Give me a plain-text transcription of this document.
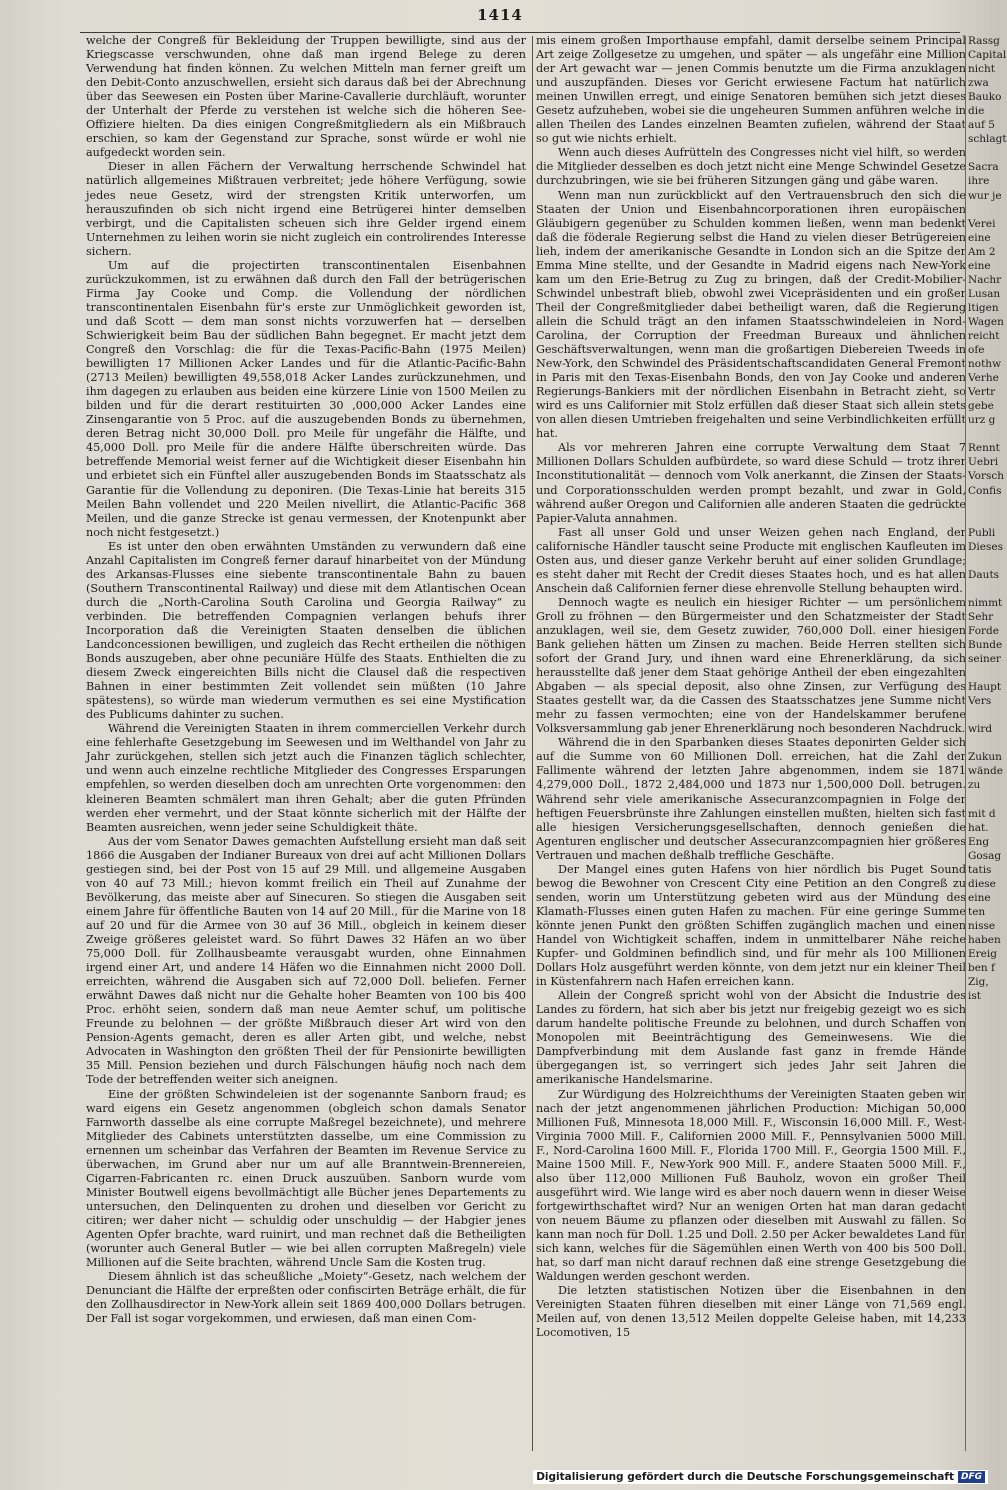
1414

welche der Congreß für Bekleidung der Truppen bewilligte, sind aus der Kriegscasse verschwunden, ohne daß man irgend Belege zu deren Verwendung hat finden können. Zu welchen Mitteln man ferner greift um den Debit-Conto anzuschwellen, ersieht sich daraus daß bei der Abrechnung über das Seewesen ein Posten über Marine-Cavallerie durchläuft, worunter der Unterhalt der Pferde zu verstehen ist welche sich die höheren See-Offiziere hielten. Da dies einigen Congreßmitgliedern als ein Mißbrauch erschien, so kam der Gegenstand zur Sprache, sonst würde er wohl nie aufgedeckt worden sein.

Dieser in allen Fächern der Verwaltung herrschende Schwindel hat natürlich allgemeines Mißtrauen verbreitet; jede höhere Verfügung, sowie jedes neue Gesetz, wird der strengsten Kritik unterworfen, um herauszufinden ob sich nicht irgend eine Betrügerei hinter demselben verbirgt, und die Capitalisten scheuen sich ihre Gelder irgend einem Unternehmen zu leihen worin sie nicht zugleich ein controlirendes Interesse sichern.

Um auf die projectirten transcontinentalen Eisenbahnen zurückzukommen, ist zu erwähnen daß durch den Fall der betrügerischen Firma Jay Cooke und Comp. die Vollendung der nördlichen transcontinentalen Eisenbahn für's erste zur Unmöglichkeit geworden ist, und daß Scott — dem man sonst nichts vorzuwerfen hat — derselben Schwierigkeit beim Bau der südlichen Bahn begegnet. Er macht jetzt dem Congreß den Vorschlag: die für die Texas-Pacific-Bahn (1975 Meilen) bewilligten 17 Millionen Acker Landes und für die Atlantic-Pacific-Bahn (2713 Meilen) bewilligten 49,558,018 Acker Landes zurückzunehmen, und ihm dagegen zu erlauben aus beiden eine kürzere Linie von 1500 Meilen zu bilden und für die derart restituirten 30 ,000,000 Acker Landes eine Zinsengarantie von 5 Proc. auf die auszugebenden Bonds zu übernehmen, deren Betrag nicht 30,000 Doll. pro Meile für ungefähr die Hälfte, und 45,000 Doll. pro Meile für die andere Hälfte überschreiten würde. Das betreffende Memorial weist ferner auf die Wichtigkeit dieser Eisenbahn hin und erbietet sich ein Fünftel aller auszugebenden Bonds im Staatsschatz als Garantie für die Vollendung zu deponiren. (Die Texas-Linie hat bereits 315 Meilen Bahn vollendet und 220 Meilen nivellirt, die Atlantic-Pacific 368 Meilen, und die ganze Strecke ist genau vermessen, der Knotenpunkt aber noch nicht festgesetzt.)

Es ist unter den oben erwähnten Umständen zu verwundern daß eine Anzahl Capitalisten im Congreß ferner darauf hinarbeitet von der Mündung des Arkansas-Flusses eine siebente transcontinentale Bahn zu bauen (Southern Transcontinental Railway) und diese mit dem Atlantischen Ocean durch die „North-Carolina South Carolina und Georgia Railway“ zu verbinden. Die betreffenden Compagnien verlangen behufs ihrer Incorporation daß die Vereinigten Staaten denselben die üblichen Landconcessionen bewilligen, und zugleich das Recht ertheilen die nöthigen Bonds auszugeben, aber ohne pecuniäre Hülfe des Staats. Enthielten die zu diesem Zweck eingereichten Bills nicht die Clausel daß die respectiven Bahnen in einer bestimmten Zeit vollendet sein müßten (10 Jahre spätestens), so würde man wiederum vermuthen es sei eine Mystification des Publicums dahinter zu suchen.

Während die Vereinigten Staaten in ihrem commerciellen Verkehr durch eine fehlerhafte Gesetzgebung im Seewesen und im Welthandel von Jahr zu Jahr zurückgehen, stellen sich jetzt auch die Finanzen täglich schlechter, und wenn auch einzelne rechtliche Mitglieder des Congresses Ersparungen empfehlen, so werden dieselben doch am unrechten Orte vorgenommen: den kleineren Beamten schmälert man ihren Gehalt; aber die guten Pfründen werden eher vermehrt, und der Staat könnte sicherlich mit der Hälfte der Beamten ausreichen, wenn jeder seine Schuldigkeit thäte.

Aus der vom Senator Dawes gemachten Aufstellung ersieht man daß seit 1866 die Ausgaben der Indianer Bureaux von drei auf acht Millionen Dollars gestiegen sind, bei der Post von 15 auf 29 Mill. und allgemeine Ausgaben von 40 auf 73 Mill.; hievon kommt freilich ein Theil auf Zunahme der Bevölkerung, das meiste aber auf Sinecuren. So stiegen die Ausgaben seit einem Jahre für öffentliche Bauten von 14 auf 20 Mill., für die Marine von 18 auf 20 und für die Armee von 30 auf 36 Mill., obgleich in keinem dieser Zweige größeres geleistet ward. So führt Dawes 32 Häfen an wo über 75,000 Doll. für Zollhausbeamte verausgabt wurden, ohne Einnahmen irgend einer Art, und andere 14 Häfen wo die Einnahmen nicht 2000 Doll. erreichten, während die Ausgaben sich auf 72,000 Doll. beliefen. Ferner erwähnt Dawes daß nicht nur die Gehalte hoher Beamten von 100 bis 400 Proc. erhöht seien, sondern daß man neue Aemter schuf, um politische Freunde zu belohnen — der größte Mißbrauch dieser Art wird von den Pension-Agents gemacht, deren es aller Arten gibt, und welche, nebst Advocaten in Washington den größten Theil der für Pensionirte bewilligten 35 Mill. Pension beziehen und durch Fälschungen häufig noch nach dem Tode der betreffenden weiter sich aneignen.

Eine der größten Schwindeleien ist der sogenannte Sanborn fraud; es ward eigens ein Gesetz angenommen (obgleich schon damals Senator Farnworth dasselbe als eine corrupte Maßregel bezeichnete), und mehrere Mitglieder des Cabinets unterstützten dasselbe, um eine Commission zu ernennen um scheinbar das Verfahren der Beamten im Revenue Service zu überwachen, im Grund aber nur um auf alle Branntwein-Brennereien, Cigarren-Fabricanten rc. einen Druck auszuüben. Sanborn wurde vom Minister Boutwell eigens bevollmächtigt alle Bücher jenes Departements zu untersuchen, den Delinquenten zu drohen und dieselben vor Gericht zu citiren; wer daher nicht — schuldig oder unschuldig — der Habgier jenes Agenten Opfer brachte, ward ruinirt, und man rechnet daß die Betheiligten (worunter auch General Butler — wie bei allen corrupten Maßregeln) viele Millionen auf die Seite brachten, während Uncle Sam die Kosten trug.

Diesem ähnlich ist das scheußliche „Moiety“-Gesetz, nach welchem der Denunciant die Hälfte der erpreßten oder confiscirten Beträge erhält, die für den Zollhausdirector in New-York allein seit 1869 400,000 Dollars betrugen. Der Fall ist sogar vorgekommen, und erwiesen, daß man einen Com-

mis einem großen Importhause empfahl, damit derselbe seinem Principal Art zeige Zollgesetze zu umgehen, und später — als ungefähr eine Million der Art gewacht war — jenen Commis benutzte um die Firma anzuklagen und auszupfänden. Dieses vor Gericht erwiesene Factum hat natürlich meinen Unwillen erregt, und einige Senatoren bemühen sich jetzt dieses Gesetz aufzuheben, wobei sie die ungeheuren Summen anführen welche in allen Theilen des Landes einzelnen Beamten zufielen, während der Staat so gut wie nichts erhielt.

Wenn auch dieses Aufrütteln des Congresses nicht viel hilft, so werden die Mitglieder desselben es doch jetzt nicht eine Menge Schwindel Gesetze durchzubringen, wie sie bei früheren Sitzungen gäng und gäbe waren.

Wenn man nun zurückblickt auf den Vertrauensbruch den sich die Staaten der Union und Eisenbahncorporationen ihren europäischen Gläubigern gegenüber zu Schulden kommen ließen, wenn man bedenkt daß die föderale Regierung selbst die Hand zu vielen dieser Betrügereien lieh, indem der amerikanische Gesandte in London sich an die Spitze der Emma Mine stellte, und der Gesandte in Madrid eigens nach New-York kam um den Erie-Betrug zu Zug zu bringen, daß der Credit-Mobilier-Schwindel unbestraft blieb, obwohl zwei Vicepräsidenten und ein großer Theil der Congreßmitglieder dabei betheiligt waren, daß die Regierung allein die Schuld trägt an den infamen Staatsschwindeleien in Nord-Carolina, der Corruption der Freedman Bureaux und ähnlichen Geschäftsverwaltungen, wenn man die großartigen Diebereien Tweeds in New-York, den Schwindel des Präsidentschaftscandidaten General Fremont in Paris mit den Texas-Eisenbahn Bonds, den von Jay Cooke und anderen Regierungs-Bankiers mit der nördlichen Eisenbahn in Betracht zieht, so wird es uns Californier mit Stolz erfüllen daß dieser Staat sich allein stets von allen diesen Umtrieben freigehalten und seine Verbindlichkeiten erfüllt hat.

Als vor mehreren Jahren eine corrupte Verwaltung dem Staat 7 Millionen Dollars Schulden aufbürdete, so ward diese Schuld — trotz ihrer Inconstitutionalität — dennoch vom Volk anerkannt, die Zinsen der Staats- und Corporationsschulden werden prompt bezahlt, und zwar in Gold, während außer Oregon und Californien alle anderen Staaten die gedrückte Papier-Valuta annahmen.

Fast all unser Gold und unser Weizen gehen nach England, der californische Händler tauscht seine Producte mit englischen Kaufleuten im Osten aus, und dieser ganze Verkehr beruht auf einer soliden Grundlage; es steht daher mit Recht der Credit dieses Staates hoch, und es hat allen Anschein daß Californien ferner diese ehrenvolle Stellung behaupten wird.

Dennoch wagte es neulich ein hiesiger Richter — um persönlichem Groll zu fröhnen — den Bürgermeister und den Schatzmeister der Stadt anzuklagen, weil sie, dem Gesetz zuwider, 760,000 Doll. einer hiesigen Bank geliehen hätten um Zinsen zu machen. Beide Herren stellten sich sofort der Grand Jury, und ihnen ward eine Ehrenerklärung, da sich herausstellte daß jener dem Staat gehörige Antheil der eben eingezahlten Abgaben — als special deposit, also ohne Zinsen, zur Verfügung des Staates gestellt war, da die Cassen des Staatsschatzes jene Summe nicht mehr zu fassen vermochten; eine von der Handelskammer berufene Volksversammlung gab jener Ehrenerklärung noch besonderen Nachdruck.

Während die in den Sparbanken dieses Staates deponirten Gelder sich auf die Summe von 60 Millionen Doll. erreichen, hat die Zahl der Fallimente während der letzten Jahre abgenommen, indem sie 1871 4,279,000 Doll., 1872 2,484,000 und 1873 nur 1,500,000 Doll. betrugen. Während sehr viele amerikanische Assecuranzcompagnien in Folge der heftigen Feuersbrünste ihre Zahlungen einstellen mußten, hielten sich fast alle hiesigen Versicherungsgesellschaften, dennoch genießen die Agenturen englischer und deutscher Assecuranzcompagnien hier größeres Vertrauen und machen deßhalb treffliche Geschäfte.

Der Mangel eines guten Hafens von hier nördlich bis Puget Sound bewog die Bewohner von Crescent City eine Petition an den Congreß zu senden, worin um Unterstützung gebeten wird aus der Mündung des Klamath-Flusses einen guten Hafen zu machen. Für eine geringe Summe könnte jenen Punkt den größten Schiffen zugänglich machen und einen Handel von Wichtigkeit schaffen, indem in unmittelbarer Nähe reiche Kupfer- und Goldminen befindlich sind, und für mehr als 100 Millionen Dollars Holz ausgeführt werden könnte, von dem jetzt nur ein kleiner Theil in Küstenfahrern nach Hafen erreichen kann.

Allein der Congreß spricht wohl von der Absicht die Industrie des Landes zu fördern, hat sich aber bis jetzt nur freigebig gezeigt wo es sich darum handelte politische Freunde zu belohnen, und durch Schaffen von Monopolen mit Beeinträchtigung des Gemeinwesens. Wie die Dampfverbindung mit dem Auslande fast ganz in fremde Hände übergegangen ist, so verringert sich jedes Jahr seit Jahren die amerikanische Handelsmarine.

Zur Würdigung des Holzreichthums der Vereinigten Staaten geben wir nach der jetzt angenommenen jährlichen Production: Michigan 50,000 Millionen Fuß, Minnesota 18,000 Mill. F., Wisconsin 16,000 Mill. F., West-Virginia 7000 Mill. F., Californien 2000 Mill. F., Pennsylvanien 5000 Mill. F., Nord-Carolina 1600 Mill. F., Florida 1700 Mill. F., Georgia 1500 Mill. F., Maine 1500 Mill. F., New-York 900 Mill. F., andere Staaten 5000 Mill. F., also über 112,000 Millionen Fuß Bauholz, wovon ein großer Theil ausgeführt wird. Wie lange wird es aber noch dauern wenn in dieser Weise fortgewirthschaftet wird? Nur an wenigen Orten hat man daran gedacht von neuem Bäume zu pflanzen oder dieselben mit Auswahl zu fällen. So kann man noch für Doll. 1.25 und Doll. 2.50 per Acker bewaldetes Land für sich kann, welches für die Sägemühlen einen Werth von 400 bis 500 Doll. hat, so darf man nicht darauf rechnen daß eine strenge Gesetzgebung die Waldungen werden geschont werden.

Die letzten statistischen Notizen über die Eisenbahnen in den Vereinigten Staaten führen dieselben mit einer Länge von 71,569 engl. Meilen auf, von denen 13,512 Meilen doppelte Geleise haben, mit 14,233 Locomotiven, 15

Rassg
Capital
nicht
zwa
Bauko
die
auf 5
schlagt

Sacra
ihre
wur je

Verei
eine
Am 2
eine
Nachr
Lusan
ltigen
Wagen
reicht
ofe
nothw
Verhe
Vertr
gebe
urz g

Rennt
Uebri
Vorsch
Confis

Publi
Dieses

Dauts

nimmt
Sehr
Forde
Bunde
seiner

Haupt
Vers

wird

Zukun
wände
zu

mit d
hat.
Eng
Gosag
tatis
diese
eine
ten
nisse
haben
Ereig
ben f
Zig,
ist
Digitalisierung gefördert durch die Deutsche Forschungsgemeinschaft DFG
